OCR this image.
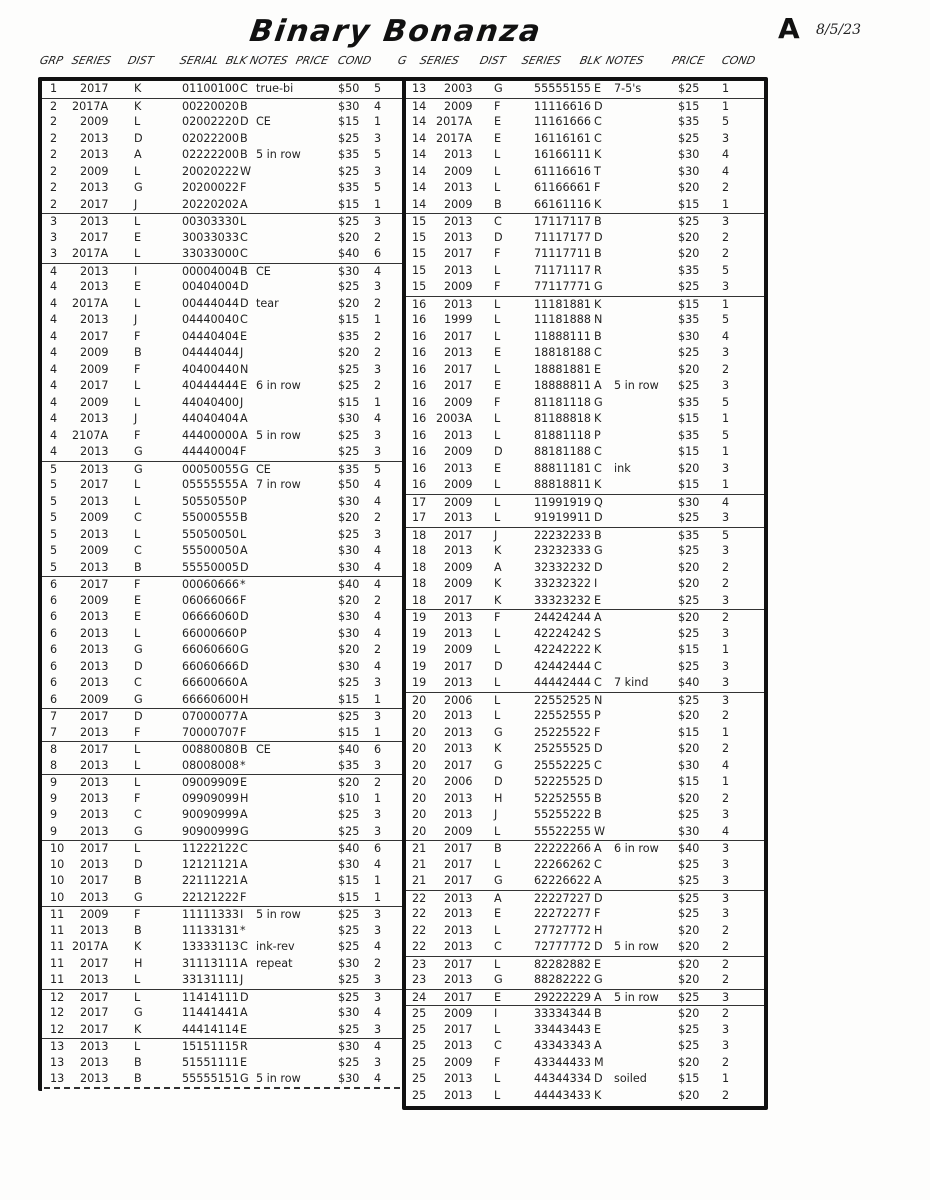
Binary Bonanza	A 8/5/23
GRP SERIES DIST SERIAL BLK NOTES PRICE COND G SERIES DIST SERIES BLK NOTES PRICE COND
1 2017 K	01100100 C true-bi	$50 5
2 2017A K	00220020 B	$30 4
2 2009 L	02002220 D CE	$15 1
2 2013 D	02022200 B	$25 3
2 2013 A	02222200 B 5 in row	$35 5
2 2009 L	20020222 W	$25 3
2 2013 G	20200022 F	$35 5
2 2017 J	20220202 A	$15 1
3 2013 L	00303330 L	$25 3
3 2017 E	30033033 C	$20 2
3 2017A L	33033000 C	$40 6
4 2013 I	00004004 B CE	$30 4
4 2013 E	00404004 D	$25 3
4 2017A L	00444044 D tear	$20 2
4 2013 J	04440040 C	$15 1
4 2017 F	04440404 E	$35 2
4 2009 B	04444044 J	$20 2
4 2009 F	40400440 N	$25 3
4 2017 L	40444444 E 6 in row	$25 2
4 2009 L	44040400 J	$15 1
4 2013 J	44040404 A	$30 4
4 2107A F	44400000 A 5 in row	$25 3
4 2013 G	44440004 F	$25 3
5 2013 G	00050055 G CE	$35 5
5 2017 L	05555555 A 7 in row	$50 4
5 2013 L	50550550 P	$30 4
5 2009 C	55000555 B	$20 2
5 2013 L	55050050 L	$25 3
5 2009 C	55500050 A	$30 4
5 2013 B	55550005 D	$30 4
6 2017 F	00060666 *	$40 4
6 2009 E	06066066 F	$20 2
6 2013 E	06666060 D	$30 4
6 2013 L	66000660 P	$30 4
6 2013 G	66060660 G	$20 2
6 2013 D	66060666 D	$30 4
6 2013 C	66600660 A	$25 3
6 2009 G	66660600 H	$15 1
7 2017 D	07000077 A	$25 3
7 2013 F	70000707 F	$15 1
8 2017 L	00880080 B CE	$40 6
8 2013 L	08008008 *	$35 3
9 2013 L	09009909 E	$20 2
9 2013 F	09909099 H	$10 1
9 2013 C	90090999 A	$25 3
9 2013 G	90900999 G	$25 3
10 2017 L	11222122 C	$40 6
10 2013 D	12121121 A	$30 4
10 2017 B	22111221 A	$15 1
10 2013 G	22121222 F	$15 1
11 2009 F	11111333 I 5 in row	$25 3
11 2013 B	11133131 *	$25 3
11 2017A K	13333113 C ink-rev	$25 4
11 2017 H	31113111 A repeat	$30 2
11 2013 L	33131111 J	$25 3
12 2017 L	11414111 D	$25 3
12 2017 G	11441441 A	$30 4
12 2017 K	44414114 E	$25 3
13 2013 L	15151115 R	$30 4
13 2013 B	51551111 E	$25 3
13 2013 B	55555151 G 5 in row	$30 4
13 2003 G	55555155 E 7-5's	$25 1
14 2009 F	11116616 D	$15 1
14 2017A E	11161666 C	$35 5
14 2017A E	16116161 C	$25 3
14 2013 L	16166111 K	$30 4
14 2009 L	61116616 T	$30 4
14 2013 L	61166661 F	$20 2
14 2009 B	66161116 K	$15 1
15 2013 C	17117117 B	$25 3
15 2013 D	71117177 D	$20 2
15 2017 F	71117711 B	$20 2
15 2013 L	71171117 R	$35 5
15 2009 F	77117771 G	$25 3
16 2013 L	11181881 K	$15 1
16 1999 L	11181888 N	$35 5
16 2017 L	11888111 B	$30 4
16 2013 E	18818188 C	$25 3
16 2017 L	18881881 E	$20 2
16 2017 E	18888811 A 5 in row $25 3
16 2009 F	81181118 G	$35 5
16 2003A L	81188818 K	$15 1
16 2013 L	81881118 P	$35 5
16 2009 D	88181188 C	$15 1
16 2013 E	88811181 C ink	$20 3
16 2009 L	88818811 K	$15 1
17 2009 L	11991919 Q	$30 4
17 2013 L	91919911 D	$25 3
18 2017 J	22232233 B	$35 5
18 2013 K	23232333 G	$25 3
18 2009 A	32332232 D	$20 2
18 2009 K	33232322 I	$20 2
18 2017 K	33323232 E	$25 3
19 2013 F	24424244 A	$20 2
19 2013 L	42224242 S	$25 3
19 2009 L	42242222 K	$15 1
19 2017 D	42442444 C	$25 3
19 2013 L	44442444 C 7 kind	$40 3
20 2006 L	22552525 N	$25 3
20 2013 L	22552555 P	$20 2
20 2013 G	25225522 F	$15 1
20 2013 K	25255525 D	$20 2
20 2017 G	25552225 C	$30 4
20 2006 D	52225525 D	$15 1
20 2013 H	52252555 B	$20 2
20 2013 J	55255222 B	$25 3
20 2009 L	55522255 W	$30 4
21 2017 B	22222266 A 6 in row $40 3
21 2017 L	22266262 C	$25 3
21 2017 G	62226622 A	$25 3
22 2013 A	22227227 D	$25 3
22 2013 E	22272277 F	$25 3
22 2013 L	27727772 H	$20 2
22 2013 C	72777772 D 5 in row $20 2
23 2017 L	82282882 E	$20 2
23 2013 G	88282222 G	$20 2
24 2017 E	29222229 A 5 in row $25 3
25 2009 I	33334344 B	$20 2
25 2017 L	33443443 E	$25 3
25 2013 C	43343343 A	$25 3
25 2009 F	43344433 M	$20 2
25 2013 L	44344334 D soiled	$15 1
25 2013 L	44443433 K	$20 2
